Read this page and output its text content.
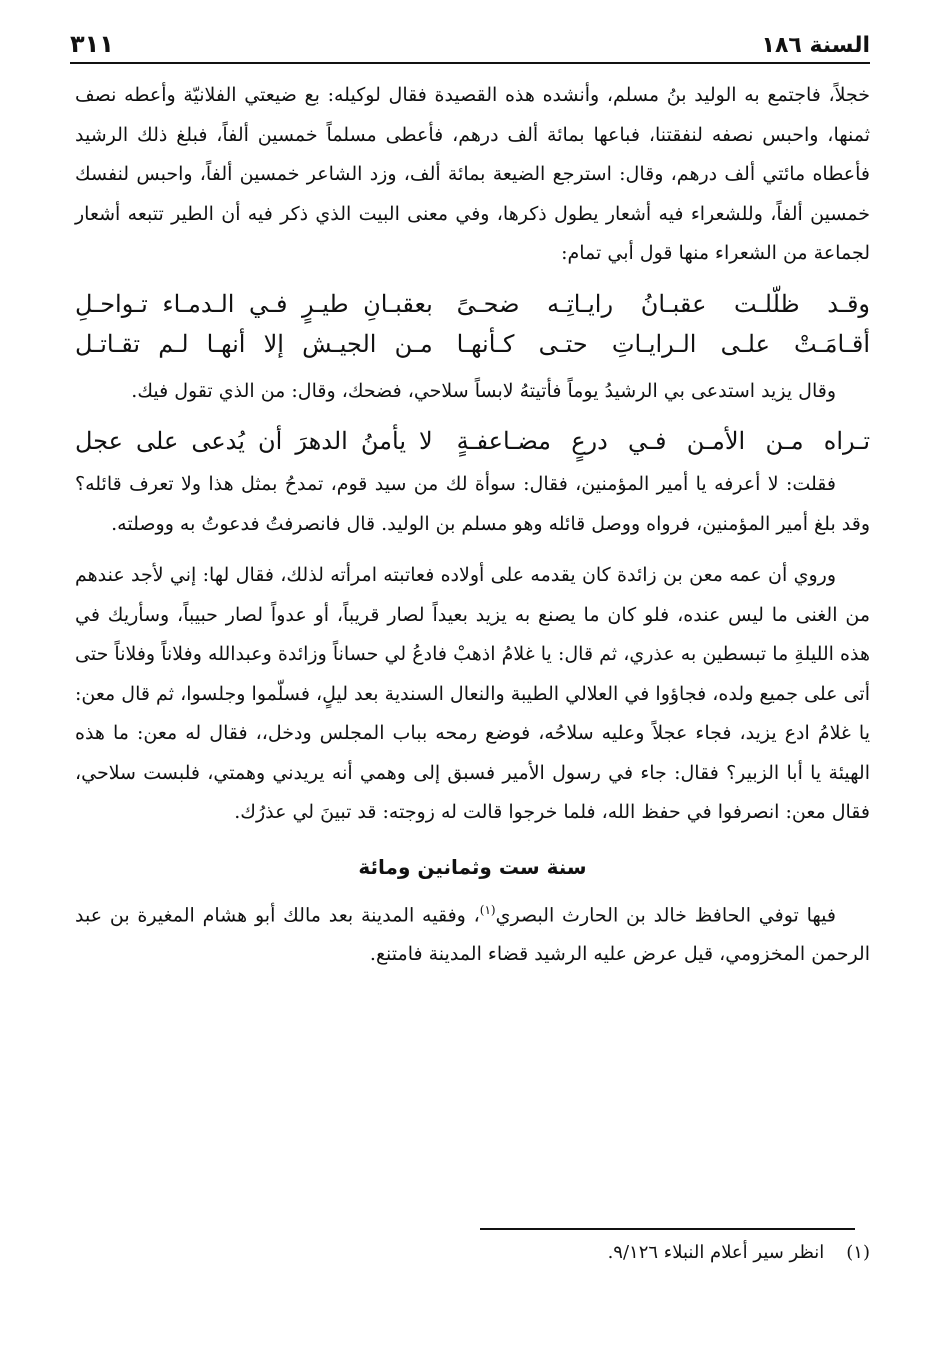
السنة ١٨٦
٣١١

خجلاً، فاجتمع به الوليد بنُ مسلم، وأنشده هذه القصيدة فقال لوكيله: بع ضيعتي الفلانيّة وأعطه نصف ثمنها، واحبس نصفه لنفقتنا، فباعها بمائة ألف درهم، فأعطى مسلماً خمسين ألفاً، فبلغ ذلك الرشيد فأعطاه مائتي ألف درهم، وقال: استرجع الضيعة بمائة ألف، وزد الشاعر خمسين ألفاً، واحبس لنفسك خمسين ألفاً، وللشعراء فيه أشعار يطول ذكرها، وفي معنى البيت الذي ذكر فيه أن الطير تتبعه أشعار لجماعة من الشعراء منها قول أبي تمام:

وقـد ظلّلـت عقبـانُ رايـاتِـه ضحـىً
بعقبـانِ طيـرٍ فـي الـدمـاء تـواحـلِ
أقـامَـتْ علـى الـرايـاتِ حتـى كـأنهـا
مـن الجيـش إلا أنهـا لـم تقـاتـل

وقال يزيد استدعى بي الرشيدُ يوماً فأتيتهُ لابساً سلاحي، فضحك، وقال: من الذي تقول فيك.

تـراه مـن الأمـن فـي درعٍ مضـاعفـةٍ
لا يأمنُ الدهرَ أن يُدعى على عجل

فقلت: لا أعرفه يا أمير المؤمنين، فقال: سوأة لك من سيد قوم، تمدحُ بمثل هذا ولا تعرف قائله؟ وقد بلغ أمير المؤمنين، فرواه ووصل قائله وهو مسلم بن الوليد. قال فانصرفتُ فدعوتُ به ووصلته.

وروي أن عمه معن بن زائدة كان يقدمه على أولاده فعاتبته امرأته لذلك، فقال لها: إني لأجد عندهم من الغنى ما ليس عنده، فلو كان ما يصنع به يزيد بعيداً لصار قريباً، أو عدواً لصار حبيباً، وسأريك في هذه الليلةِ ما تبسطين به عذري، ثم قال: يا غلامُ اذهبْ فادعُ لي حساناً وزائدة وعبدالله وفلاناً وفلاناً حتى أتى على جميع ولده، فجاؤوا في العلالي الطيبة والنعال السندية بعد ليلٍ، فسلّموا وجلسوا، ثم قال معن: يا غلامُ ادع يزيد، فجاء عجلاً وعليه سلاحُه، فوضع رمحه بباب المجلس ودخل،، فقال له معن: ما هذه الهيئة يا أبا الزبير؟ فقال: جاء في رسول الأمير فسبق إلى وهمي أنه يريدني وهمتي، فلبست سلاحي، فقال معن: انصرفوا في حفظ الله، فلما خرجوا قالت له زوجته: قد تبينَ لي عذرُك.

سنة ست وثمانين ومائة

فيها توفي الحافظ خالد بن الحارث البصري$^{(١)}$، وفقيه المدينة بعد مالك أبو هشام المغيرة بن عبد الرحمن المخزومي، قيل عرض عليه الرشيد قضاء المدينة فامتنع.

(١)انظر سير أعلام النبلاء ٩/١٢٦.
